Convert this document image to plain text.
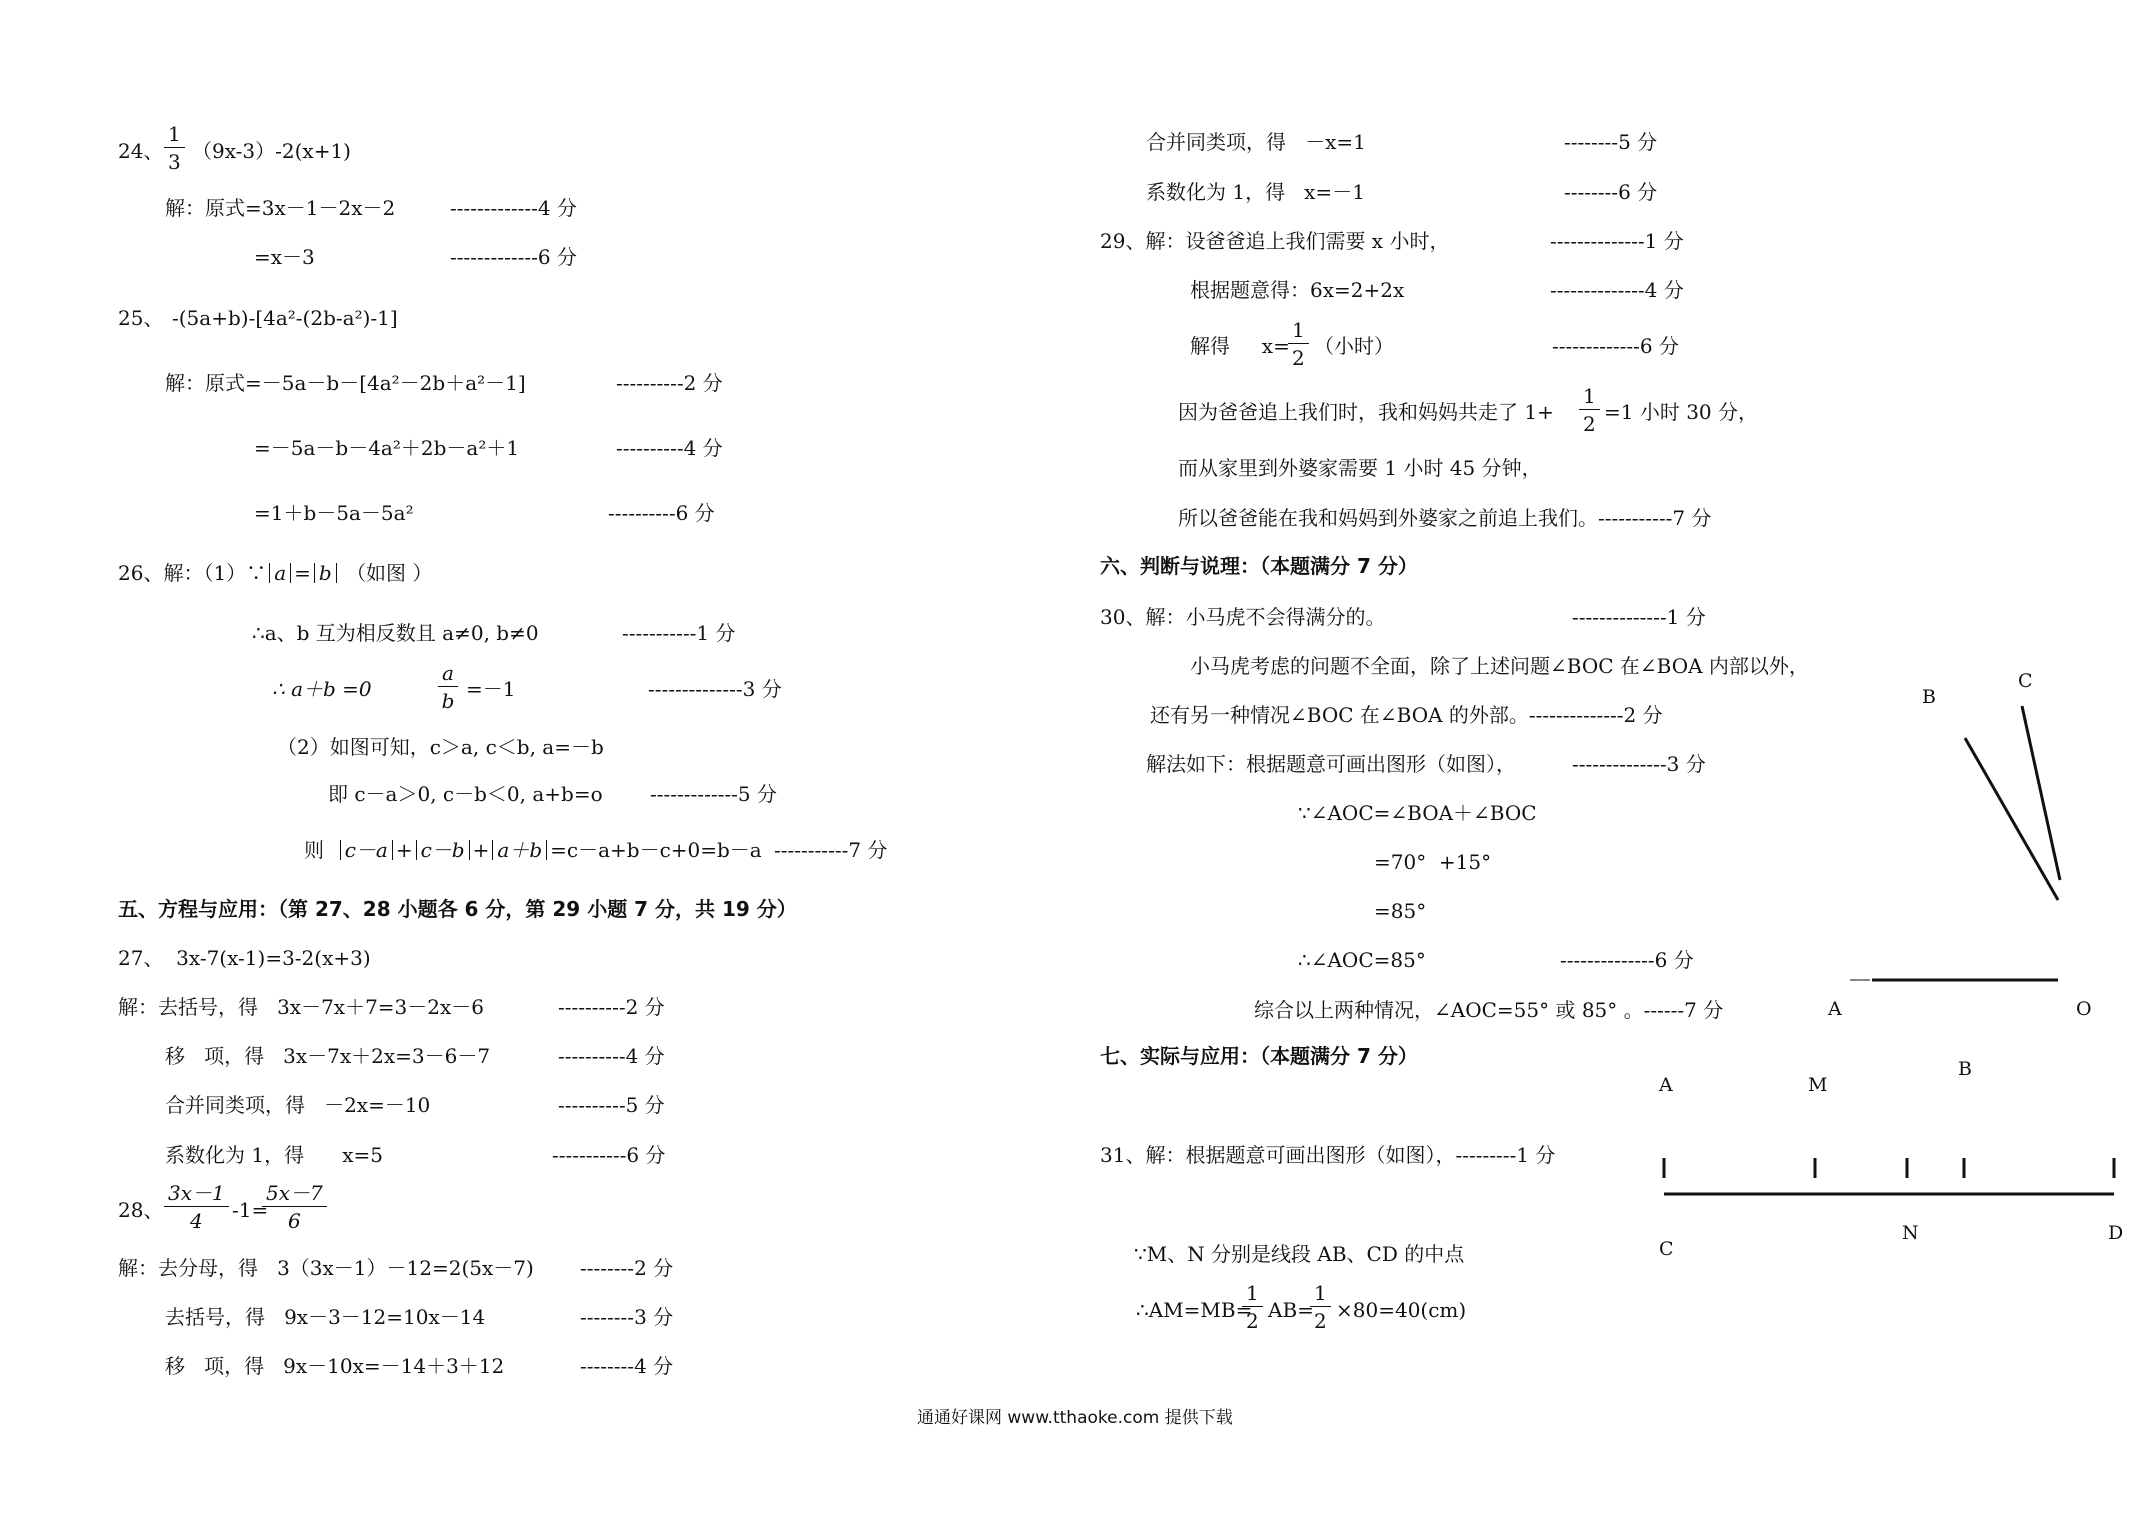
24、 $\frac{1}{3} (9x-3)-2(x+1)$
解：原式=3x－1－2x－2	-------------4 分
=x－3	-------------6 分
25、 -(5a+b)-[4a²-(2b-a²)-1]
解：原式=－5a－b－[4a²－2b＋a²－1]	----------2 分
=－5a－b－4a²＋2b－a²＋1	----------4 分
=1＋b－5a－5a²	----------6 分
26、解：（1）∵ a = b （如图 ）
∴a、b 互为相反数且 a≠0, b≠0	-----------1 分
∴ a＋b =0	$\frac{a}{b} =-1$	--------------3 分
（2）如图可知，c＞a, c＜b, a=－b
即 c－a＞0, c－b＜0, a+b=o -------------5 分
则 c－a + c－b + a＋b =c－a+b－c+0=b－a -----------7 分
五、方程与应用：（第 27、28 小题各 6 分，第 29 小题 7 分，共 19 分）
27、  3x-7(x-1)=3-2(x+3)
解：去括号，得   3x－7x＋7=3－2x－6	----------2 分
移   项，得   3x－7x＋2x=3－6－7	----------4 分
合并同类项，得   －2x=－10	----------5 分
系数化为 1，得      x=5	-----------6 分
28、 $\frac{3x-1}{4} -1=$
$\frac{5x-7}{6}$
解：去分母，得   3（3x－1）－12=2(5x－7) --------2 分
去括号，得   9x－3－12=10x－14	--------3 分
移   项，得   9x－10x=－14＋3＋12	--------4 分
合并同类项，得   －x=1	--------5 分
系数化为 1，得   x=－1	--------6 分
29、解：设爸爸追上我们需要 x 小时，	--------------1 分
根据题意得：6x=2+2x	--------------4 分
解得     x=
$\frac{1}{2}$ （小时）	-------------6 分
因为爸爸追上我们时，我和妈妈共走了 $1+ \frac{1}{2} =1$ 小时 30 分，
而从家里到外婆家需要 1 小时 45 分钟，
所以爸爸能在我和妈妈到外婆家之前追上我们。-----------7 分
六、判断与说理：（本题满分 7 分）
30、解：小马虎不会得满分的。	--------------1 分
小马虎考虑的问题不全面，除了上述问题∠BOC 在∠BOA 内部以外，
还有另一种情况∠BOC 在∠BOA 的外部。--------------2 分
解法如下：根据题意可画出图形（如图），	--------------3 分
∵∠AOC=∠BOA＋∠BOC
=70°  +15°
=85°
∴∠AOC=85°	--------------6 分
综合以上两种情况，∠AOC=55° 或 85° 。------7 分	A	O
B
C
七、实际与应用：（本题满分 7 分）
31、解：根据题意可画出图形（如图），---------1 分
∵M、N 分别是线段 AB、CD 的中点
∴AM=MB=
$\frac{1}{2} AB=$
$\frac{1}{2} \times 80=40(cm)$
A	M
B
C
N	D
通通好课网 www.tthaoke.com 提供下载
